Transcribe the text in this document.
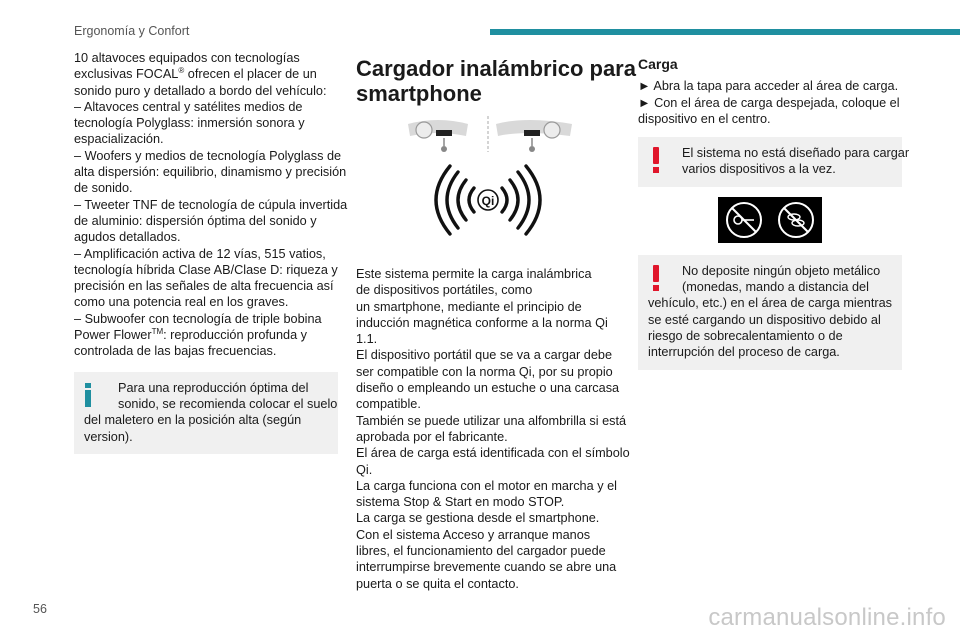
Ergonomía y Confort
10 altavoces equipados con tecnologías
exclusivas FOCAL® ofrecen el placer de un
sonido puro y detallado a bordo del vehículo:
– Altavoces central y satélites medios de
tecnología Polyglass: inmersión sonora y
espacialización.
– Woofers y medios de tecnología Polyglass de
alta dispersión: equilibrio, dinamismo y precisión
de sonido.
– Tweeter TNF de tecnología de cúpula invertida
de aluminio: dispersión óptima del sonido y
agudos detallados.
– Amplificación activa de 12 vías, 515 vatios,
tecnología híbrida Clase AB/Clase D: riqueza y
precisión en las señales de alta frecuencia así
como una potencia real en los graves.
– Subwoofer con tecnología de triple bobina
Power Flower™: reproducción profunda y
controlada de las bajas frecuencias.
Para una reproducción óptima del
sonido, se recomienda colocar el suelo
del maletero en la posición alta (según
version).
Cargador inalámbrico para
smartphone
Qi
Este sistema permite la carga inalámbrica
de dispositivos portátiles, como
un smartphone, mediante el principio de
inducción magnética conforme a la norma Qi
1.1.
El dispositivo portátil que se va a cargar debe
ser compatible con la norma Qi, por su propio
diseño o empleando un estuche o una carcasa
compatible.
También se puede utilizar una alfombrilla si está
aprobada por el fabricante.
El área de carga está identificada con el símbolo
Qi.
La carga funciona con el motor en marcha y el
sistema Stop & Start en modo STOP.
La carga se gestiona desde el smartphone.
Con el sistema Acceso y arranque manos
libres, el funcionamiento del cargador puede
interrumpirse brevemente cuando se abre una
puerta o se quita el contacto.
Carga
► Abra la tapa para acceder al área de carga.
► Con el área de carga despejada, coloque el
dispositivo en el centro.
El sistema no está diseñado para cargar
varios dispositivos a la vez.
No deposite ningún objeto metálico
(monedas, mando a distancia del
vehículo, etc.) en el área de carga mientras
se esté cargando un dispositivo debido al
riesgo de sobrecalentamiento o de
interrupción del proceso de carga.
56	carmanualsonline.info
